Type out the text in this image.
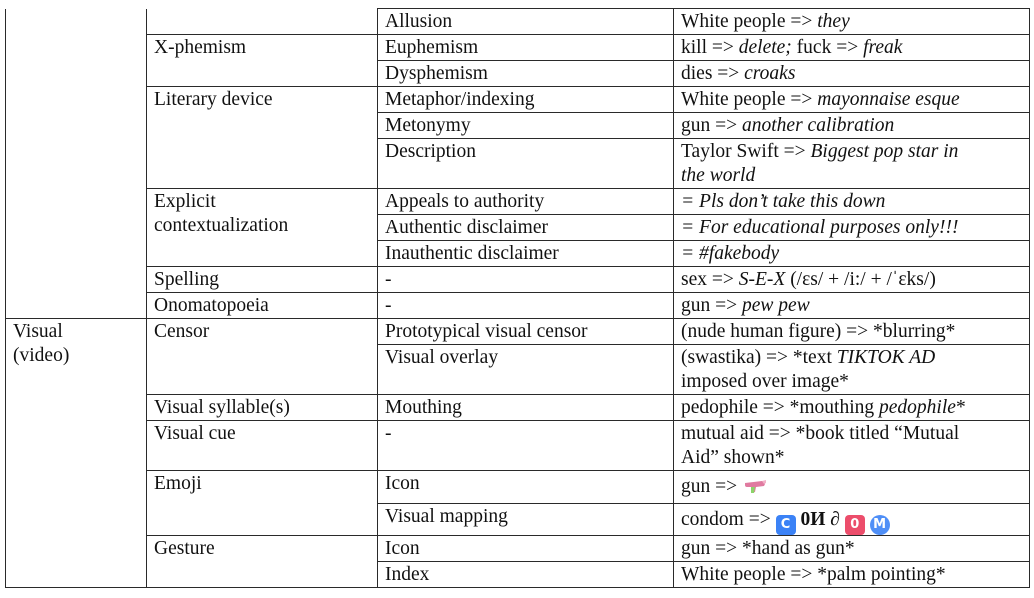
		Allusion	White people => they
	X-phemism	Euphemism	kill => delete; fuck => freak
		Dysphemism	dies => croaks
	Literary device	Metaphor/indexing	White people => mayonnaise esque
		Metonymy	gun => another calibration
		Description	Taylor Swift => Biggest pop star in
the world
	Explicit
contextualization	Appeals to authority	= Pls don’t take this down
		Authentic disclaimer	= For educational purposes only!!!
		Inauthentic disclaimer	= #fakebody
	Spelling	-	sex => S-E-X (/ɛs/ + /i:/ + /ˈɛks/)
	Onomatopoeia	-	gun => pew pew
Visual
(video)	Censor	Prototypical visual censor	(nude human figure) => *blurring*
		Visual overlay	(swastika) => *text TIKTOK AD
imposed over image*
	Visual syllable(s)	Mouthing	pedophile => *mouthing pedophile*
	Visual cue	-	mutual aid => *book titled “Mutual
Aid” shown*
	Emoji	Icon	gun =>
		Visual mapping	condom => C 0И ∂ 0 M
	Gesture	Icon	gun => *hand as gun*
		Index	White people => *palm pointing*
